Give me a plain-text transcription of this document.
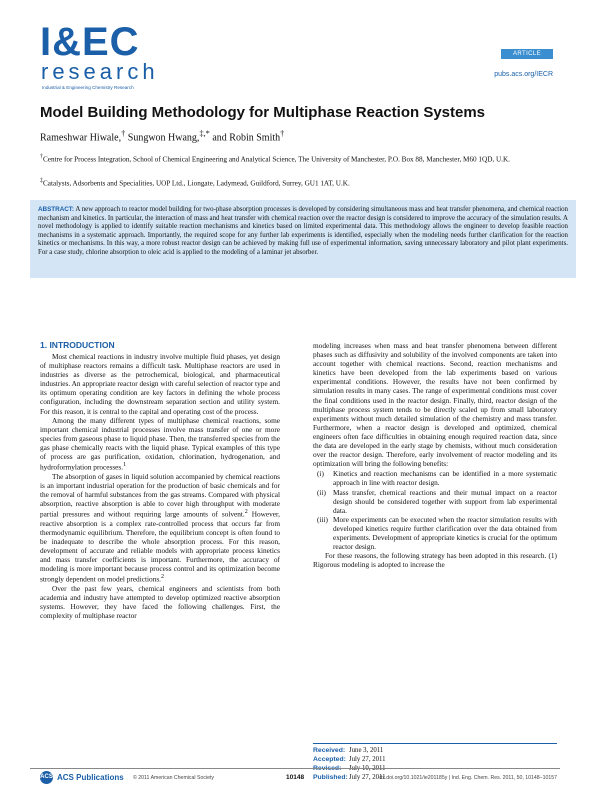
I&EC
research
Industrial & Engineering Chemistry Research
ARTICLE
pubs.acs.org/IECR
Model Building Methodology for Multiphase Reaction Systems
Rameshwar Hiwale,† Sungwon Hwang,‡,* and Robin Smith†
†Centre for Process Integration, School of Chemical Engineering and Analytical Science, The University of Manchester, P.O. Box 88, Manchester, M60 1QD, U.K.
‡Catalysts, Adsorbents and Specialities, UOP Ltd., Liongate, Ladymead, Guildford, Surrey, GU1 1AT, U.K.
ABSTRACT: A new approach to reactor model building for two-phase absorption processes is developed by considering simultaneous mass and heat transfer phenomena, and chemical reaction mechanism and kinetics. In particular, the interaction of mass and heat transfer with chemical reaction over the reactor design is considered to improve the accuracy of the simulation results. A novel methodology is applied to identify suitable reaction mechanisms and kinetics based on limited experimental data. This methodology allows the engineer to develop feasible reaction mechanisms in a systematic approach. Importantly, the required scope for any further lab experiments is identified, especially when the modeling needs further clarification for the reaction kinetics or mechanisms. In this way, a more robust reactor design can be achieved by making full use of experimental information, saving unnecessary laboratory and pilot plant experiments. For a case study, chlorine absorption to oleic acid is applied to the modeling of a laminar jet absorber.
1. INTRODUCTION

Most chemical reactions in industry involve multiple fluid phases, yet design of multiphase reactors remains a difficult task. Multiphase reactors are used in industries as diverse as the petrochemical, biological, and pharmaceutical industries. An appropriate reactor design with careful selection of reactor type and its optimum operating condition are key factors in defining the whole process configuration, including the downstream separation section and utility system. For this reason, it is central to the capital and operating cost of the process.

Among the many different types of multiphase chemical reactions, some important chemical industrial processes involve mass transfer of one or more species from gaseous phase to liquid phase. Then, the transferred species from the gas phase chemically reacts with the liquid phase. Typical examples of this type of process are gas purification, oxidation, chlorination, hydrogenation, and hydroformylation processes.$^1$

The absorption of gases in liquid solution accompanied by chemical reactions is an important industrial operation for the production of basic chemicals and for the removal of harmful substances from the gas streams. Compared with physical absorption, reactive absorption is able to cover high throughput with moderate partial pressures and without requiring large amounts of solvent.$^2$ However, reactive absorption is a complex rate-controlled process that occurs far from thermodynamic equilibrium. Therefore, the equilibrium concept is often found to be inadequate to describe the whole absorption process. For this reason, development of accurate and reliable models with appropriate process kinetics and mass transfer coefficients is important. Furthermore, the accuracy of modeling is more important because process control and its optimization become strongly dependent on model predictions.$^2$

Over the past few years, chemical engineers and scientists from both academia and industry have attempted to develop optimized reactive absorption systems. However, they have faced the following challenges. First, the complexity of multiphase reactor

modeling increases when mass and heat transfer phenomena between different phases such as diffusivity and solubility of the involved components are taken into account together with chemical reactions. Second, reaction mechanisms and kinetics have been developed from the lab experiments based on various experimental conditions. However, the results have not been confirmed by simulation results in many cases. The range of experimental conditions must cover the final conditions used in the reactor design. Finally, third, reactor design of the multiphase process system tends to be directly scaled up from small laboratory experiments without much detailed simulation of the chemistry and mass transfer. Furthermore, when a reactor design is developed and optimized, chemical engineers often face difficulties in obtaining enough required reaction data, since the data are developed in the early stage by chemists, without much consideration over the reactor design. Therefore, early involvement of reactor modeling and its optimization will bring the following benefits:

(i) Kinetics and reaction mechanisms can be identified in a more systematic approach in line with reactor design.
(ii) Mass transfer, chemical reactions and their mutual impact on a reactor design should be considered together with support from lab experimental data.
(iii) More experiments can be executed when the reactor simulation results with developed kinetics require further clarification over the data obtained from experiments. Development of appropriate kinetics is crucial for the optimum reactor design.

For these reasons, the following strategy has been adopted in this research. (1) Rigorous modeling is adopted to increase the

Received: June 3, 2011
Accepted: July 27, 2011
Revised:	July 10, 2011
Published: July 27, 2011
ACS ACS Publications © 2011 American Chemical Society	10148	dx.doi.org/10.1021/ie201185y | Ind. Eng. Chem. Res. 2011, 50, 10148–10157
